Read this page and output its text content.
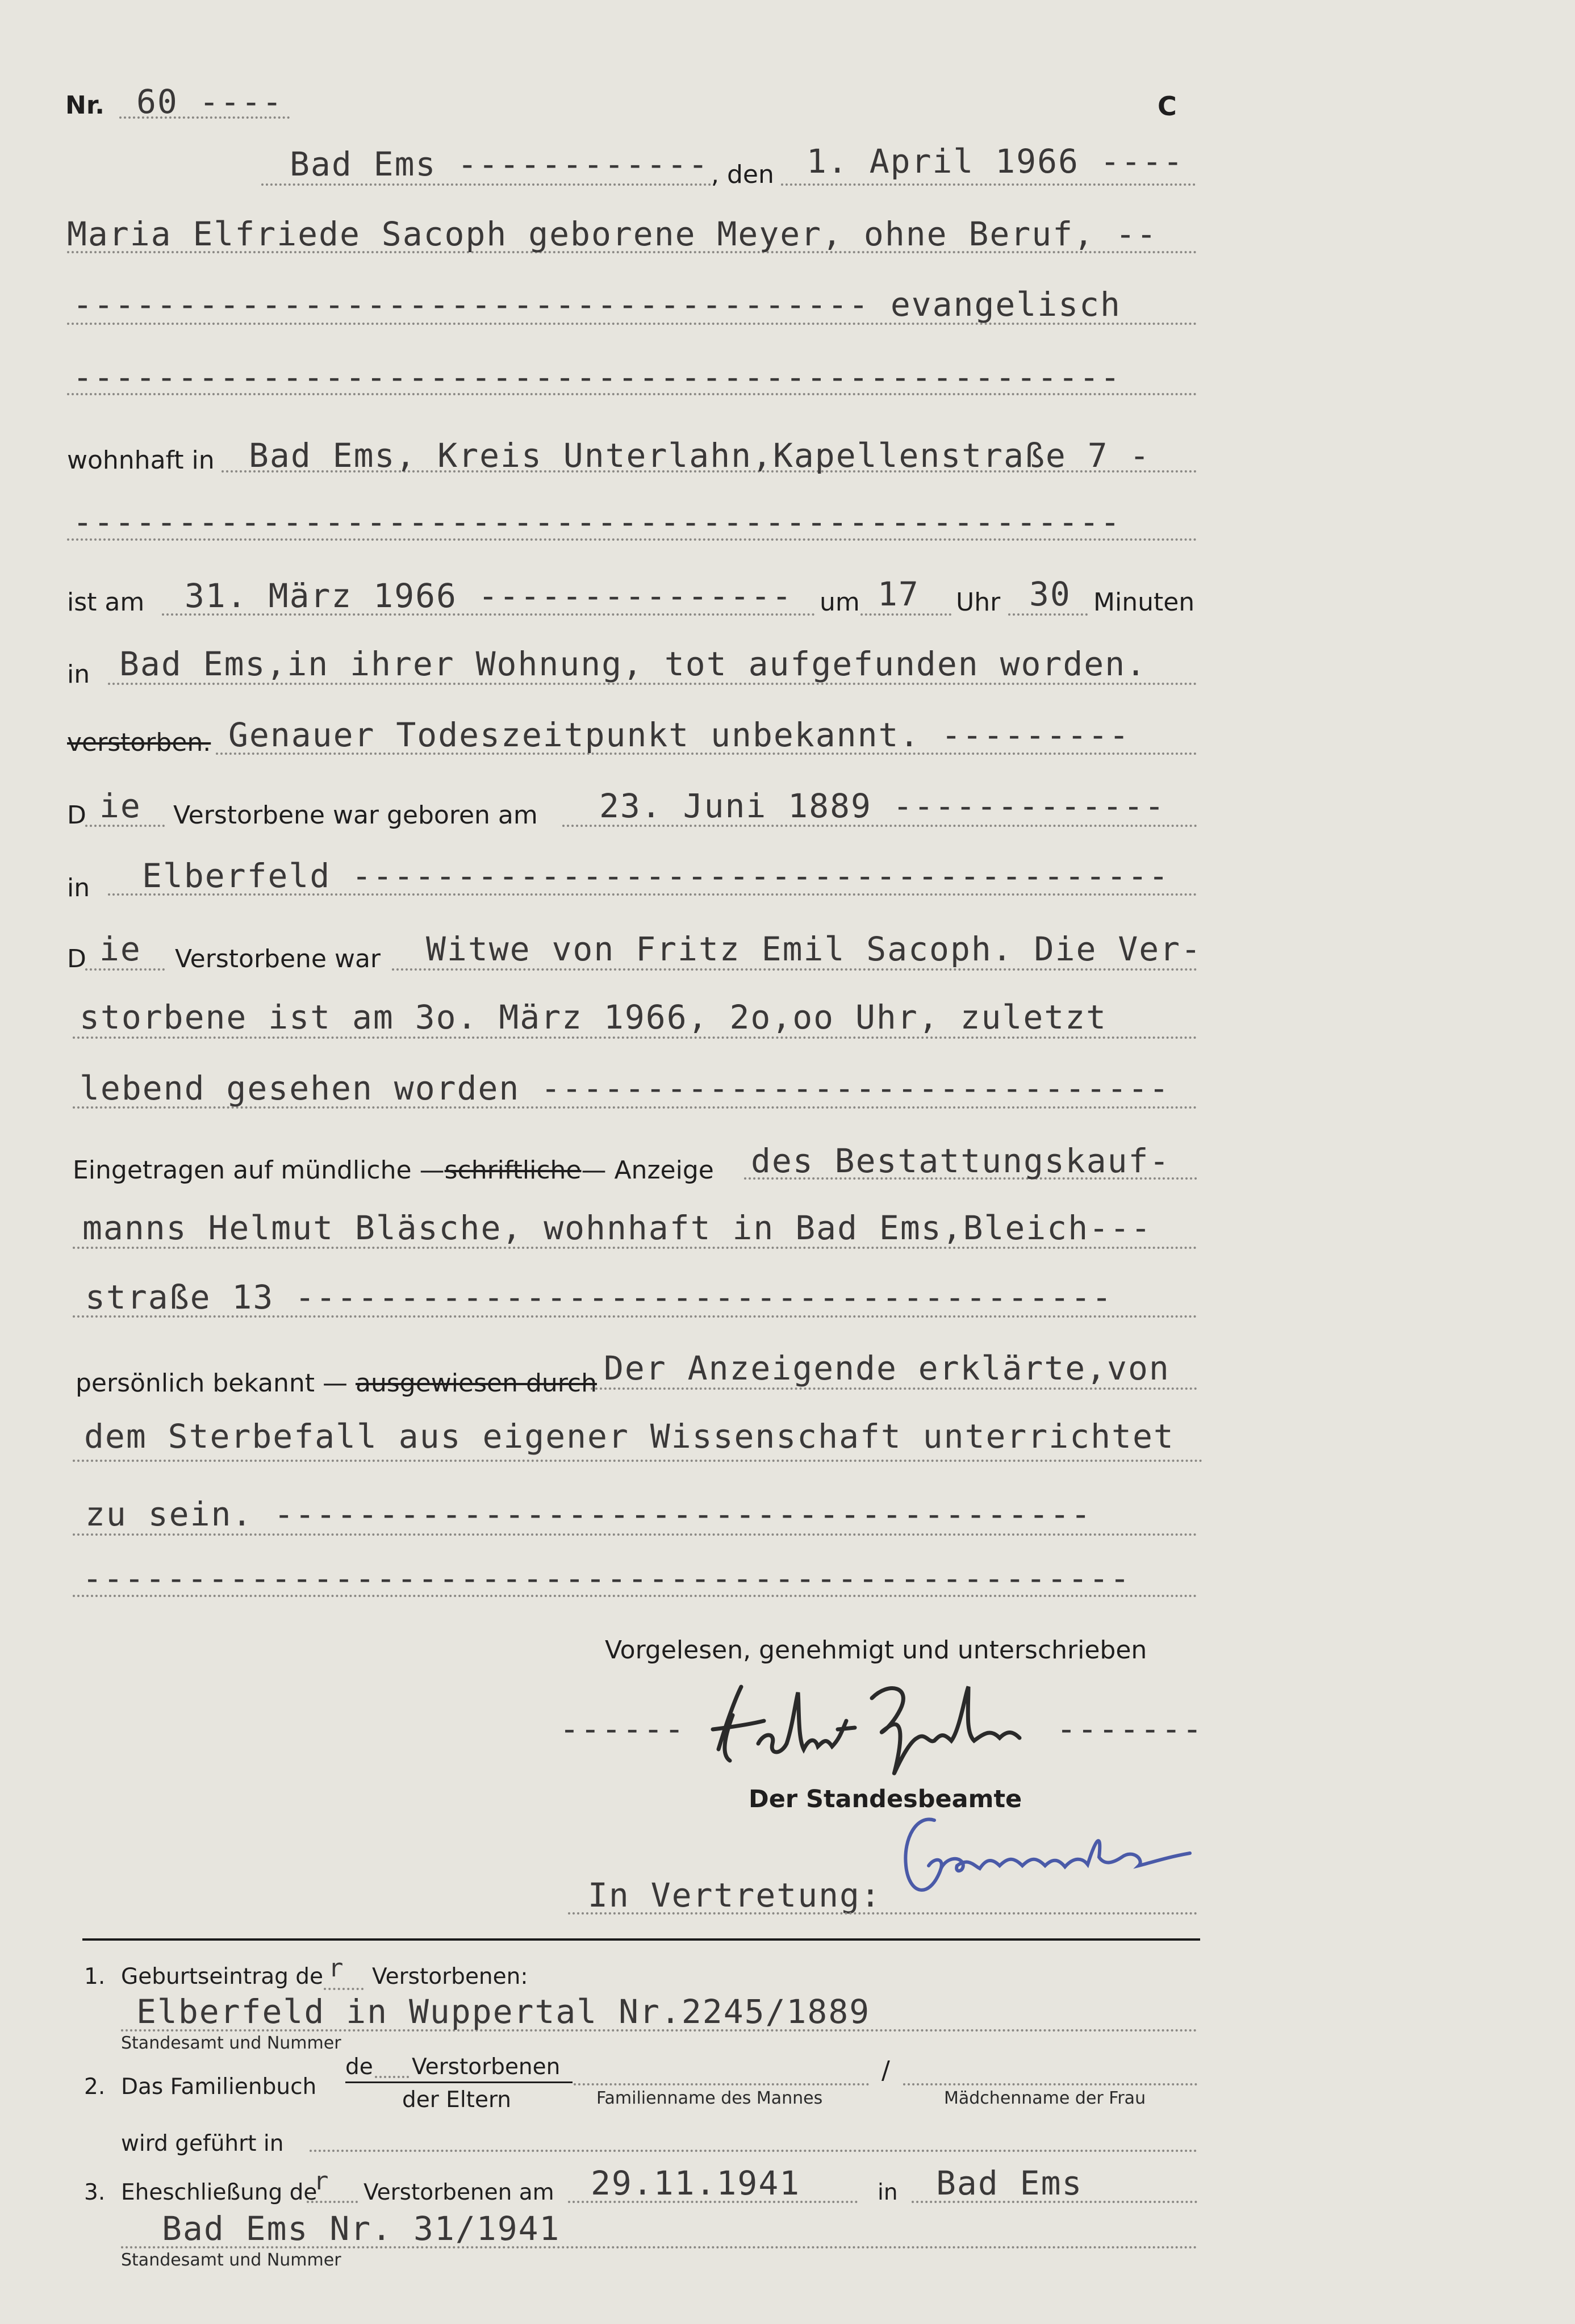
Nr. 60 ----	C
Bad Ems ------------ , den 1. April 1966 ----
Maria Elfriede Sacoph geborene Meyer, ohne Beruf, --
-------------------------------------- evangelisch
--------------------------------------------------
wohnhaft in Bad Ems, Kreis Unterlahn,Kapellenstraße 7 -
--------------------------------------------------
ist am 31. März 1966 --------------- um 17 Uhr 30 Minuten
in Bad Ems,in ihrer Wohnung, tot aufgefunden worden.
verstorben. Genauer Todeszeitpunkt unbekannt. ---------
D ie Verstorbene war geboren am 23. Juni 1889 -------------
in Elberfeld ---------------------------------------
D ie Verstorbene war Witwe von Fritz Emil Sacoph. Die Ver-
storbene ist am 3o. März 1966, 2o,oo Uhr, zuletzt
lebend gesehen worden ------------------------------
Eingetragen auf mündliche —schriftliche— Anzeige des Bestattungskauf-
manns Helmut Bläsche, wohnhaft in Bad Ems,Bleich---
straße 13 ---------------------------------------
persönlich bekannt — ausgewiesen durch Der Anzeigende erklärte,von
dem Sterbefall aus eigener Wissenschaft unterrichtet
zu sein. ---------------------------------------
--------------------------------------------------
Vorgelesen, genehmigt und unterschrieben
------	-------
Der Standesbeamte
In Vertretung:
1. Geburtseintrag de r Verstorbenen:
Elberfeld in Wuppertal Nr.2245/1889
Standesamt und Nummer
2. Das Familienbuch
de Verstorbenen
der Eltern	Familienname des Mannes
/
Mädchenname der Frau
wird geführt in
3. Eheschließung de
r Verstorbenen am 29.11.1941	in Bad Ems
Bad Ems Nr. 31/1941
Standesamt und Nummer
